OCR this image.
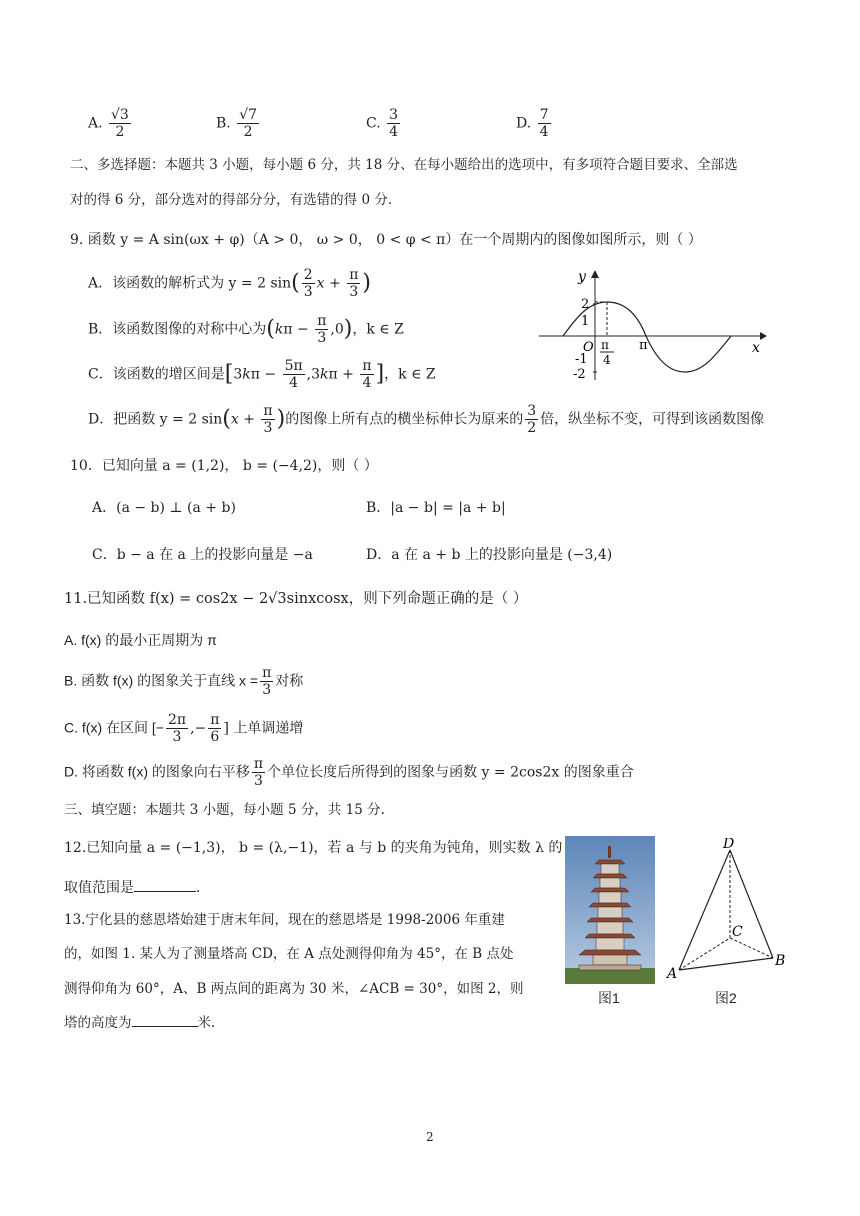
A. $\frac{√3}{2}$	B. $\frac{√7}{2}$	C. $\frac{3}{4}$	D. $\frac{7}{4}$
二、多选择题：本题共 3 小题，每小题 6 分，共 18 分、在每小题给出的选项中，有多项符合题目要求、全部选
对的得 6 分，部分选对的得部分分，有选错的得 0 分.
9. 函数 y = A sin(ωx + φ)（A > 0， ω > 0， 0 < φ < π）在一个周期内的图像如图所示，则（ ）
A．该函数的解析式为 y = 2 $\sin( \frac{2}{3}$ $x + \frac{\pi}{3}$ )
B．该函数图像的对称中心为$(k\pi - \frac{\pi}{3} ,0)$，k ∈ Z
C．该函数的增区间是[$3k\pi - \frac{5\pi}{4} ,3k\pi + \frac{\pi}{4}$ ]，k ∈ Z
D．把函数 y = 2 $\sin(x + \frac{\pi}{3}$ )的图像上所有点的横坐标伸长为原来的 $\frac{3}{2}$ 倍，纵坐标不变，可得到该函数图像
y
x
O
2
1
-1
-2
π
4
π
10．已知向量 a = (1,2)， b = (−4,2)，则（ ）
A．(a − b) ⊥ (a + b)	B．|a − b| = |a + b|
C．b − a 在 a 上的投影向量是 −a	D．a 在 a + b 上的投影向量是 (−3,4)
11.已知函数 f(x) = cos2x − 2√3sinxcosx，则下列命题正确的是（ ）
A. f(x) 的最小正周期为 π
B. 函数 f(x) 的图象关于直线 $x = \frac{\pi}{3}$ 对称
C. f(x) 在区间 [− $\frac{2\pi}{3}$ ,− $\frac{\pi}{6}$ ] 上单调递增
D. 将函数 f(x) 的图象向右平移 $\frac{\pi}{3}$ 个单位长度后所得到的图象与函数 y = 2cos2x 的图象重合
三、填空题：本题共 3 小题，每小题 5 分，共 15 分.
12.已知向量 a = (−1,3)， b = (λ,−1)，若 a 与 b 的夹角为钝角，则实数 λ 的
取值范围是	.
13.宁化县的慈恩塔始建于唐末年间，现在的慈恩塔是 1998-2006 年重建
的，如图 1. 某人为了测量塔高 CD，在 A 点处测得仰角为 45°，在 B 点处
测得仰角为 60°，A、B 两点间的距离为 30 米，∠ACB = 30°，如图 2，则
塔的高度为	米.
图1
D
C
A
B
图2
2
